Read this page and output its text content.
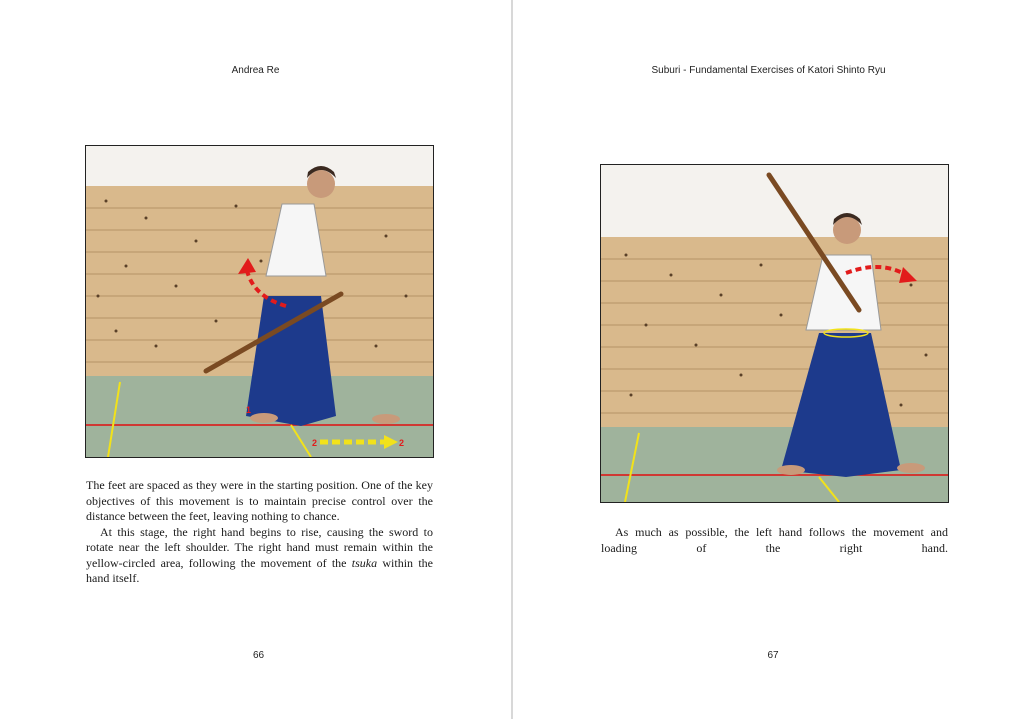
Andrea Re
1
2	2

The feet are spaced as they were in the starting position. One of the key objectives of this movement is to maintain precise control over the distance between the feet, leaving nothing to chance.

At this stage, the right hand begins to rise, causing the sword to rotate near the left shoulder. The right hand must remain within the yellow-circled area, following the movement of the tsuka within the hand itself.

66
Suburi - Fundamental Exercises of Katori Shinto Ryu

As much as possible, the left hand follows the movement and loading of the right hand.

67
